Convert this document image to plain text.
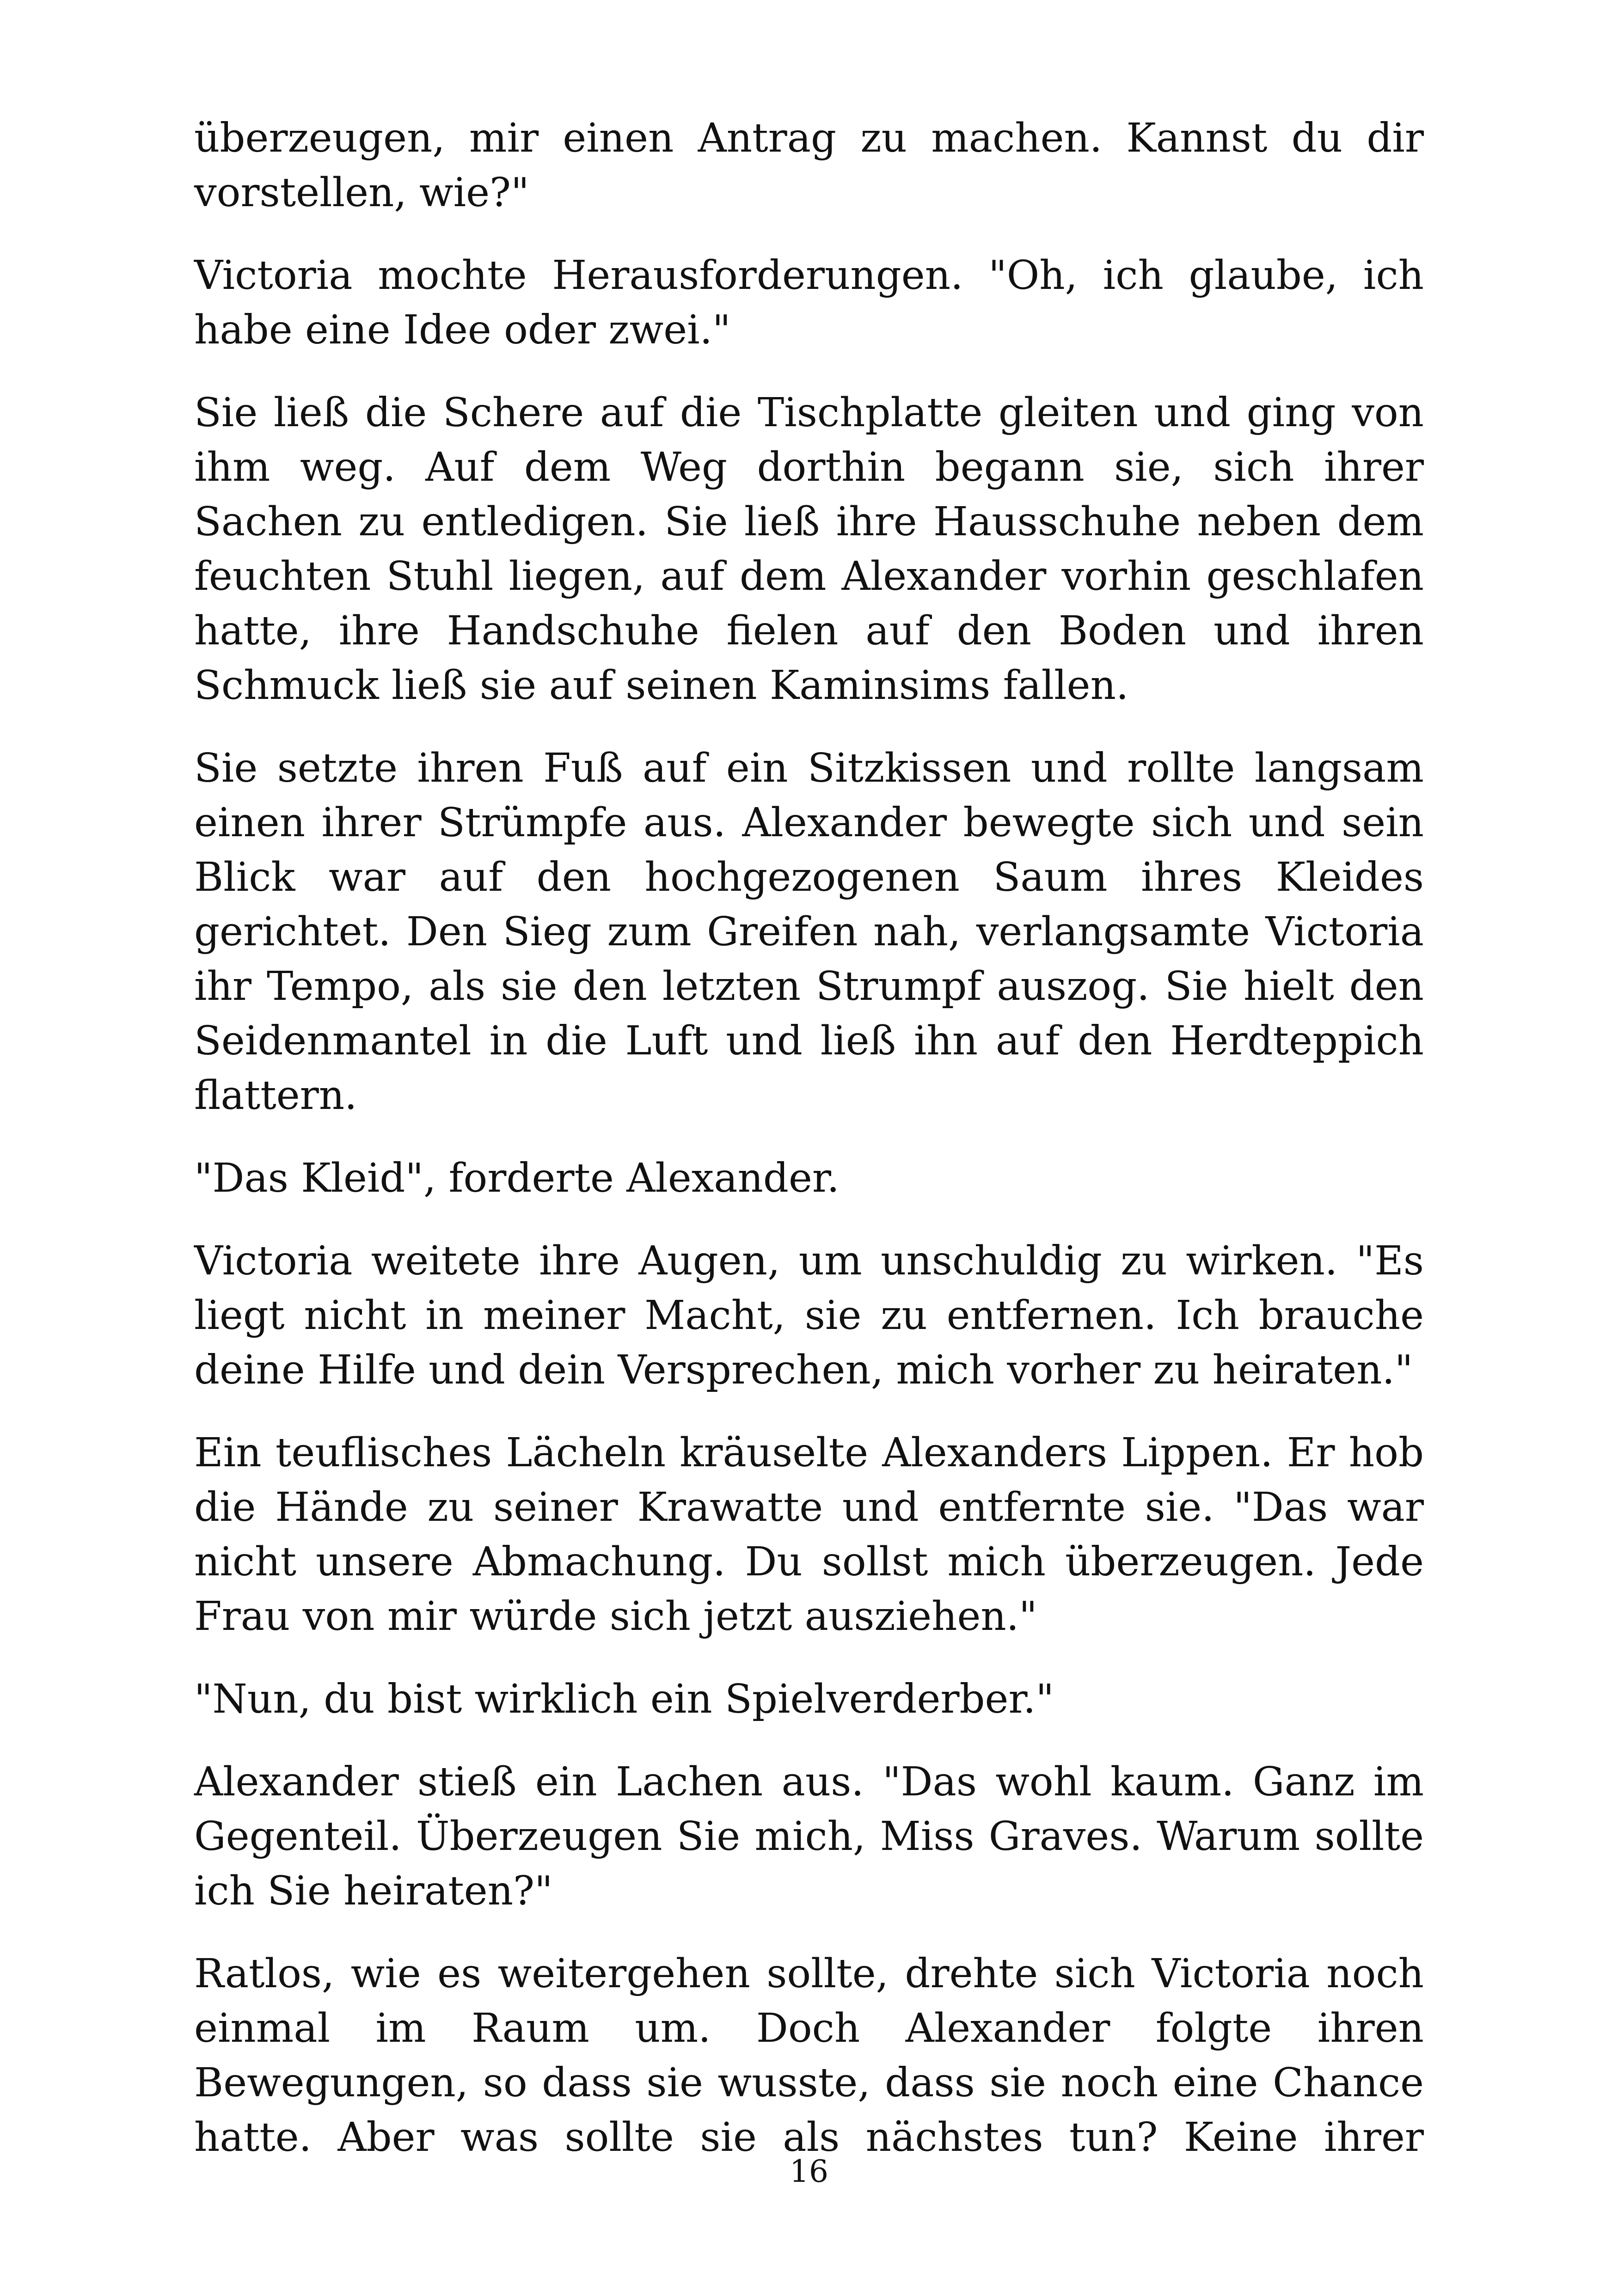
überzeugen, mir einen Antrag zu machen. Kannst du dir vorstellen, wie?"

Victoria mochte Herausforderungen. "Oh, ich glaube, ich habe eine Idee oder zwei."

Sie ließ die Schere auf die Tischplatte gleiten und ging von ihm weg. Auf dem Weg dorthin begann sie, sich ihrer Sachen zu entledigen. Sie ließ ihre Hausschuhe neben dem feuchten Stuhl liegen, auf dem Alexander vorhin geschlafen hatte, ihre Handschuhe fielen auf den Boden und ihren Schmuck ließ sie auf seinen Kaminsims fallen.

Sie setzte ihren Fuß auf ein Sitzkissen und rollte langsam einen ihrer Strümpfe aus. Alexander bewegte sich und sein Blick war auf den hochgezogenen Saum ihres Kleides gerichtet. Den Sieg zum Greifen nah, verlangsamte Victoria ihr Tempo, als sie den letzten Strumpf auszog. Sie hielt den Seidenmantel in die Luft und ließ ihn auf den Herdteppich flattern.

"Das Kleid", forderte Alexander.

Victoria weitete ihre Augen, um unschuldig zu wirken. "Es liegt nicht in meiner Macht, sie zu entfernen. Ich brauche deine Hilfe und dein Versprechen, mich vorher zu heiraten."

Ein teuflisches Lächeln kräuselte Alexanders Lippen. Er hob die Hände zu seiner Krawatte und entfernte sie. "Das war nicht unsere Abmachung. Du sollst mich überzeugen. Jede Frau von mir würde sich jetzt ausziehen."

"Nun, du bist wirklich ein Spielverderber."

Alexander stieß ein Lachen aus. "Das wohl kaum. Ganz im Gegenteil. Überzeugen Sie mich, Miss Graves. Warum sollte ich Sie heiraten?"

Ratlos, wie es weitergehen sollte, drehte sich Victoria noch einmal im Raum um. Doch Alexander folgte ihren Bewegungen, so dass sie wusste, dass sie noch eine Chance hatte. Aber was sollte sie als nächstes tun? Keine ihrer

16
